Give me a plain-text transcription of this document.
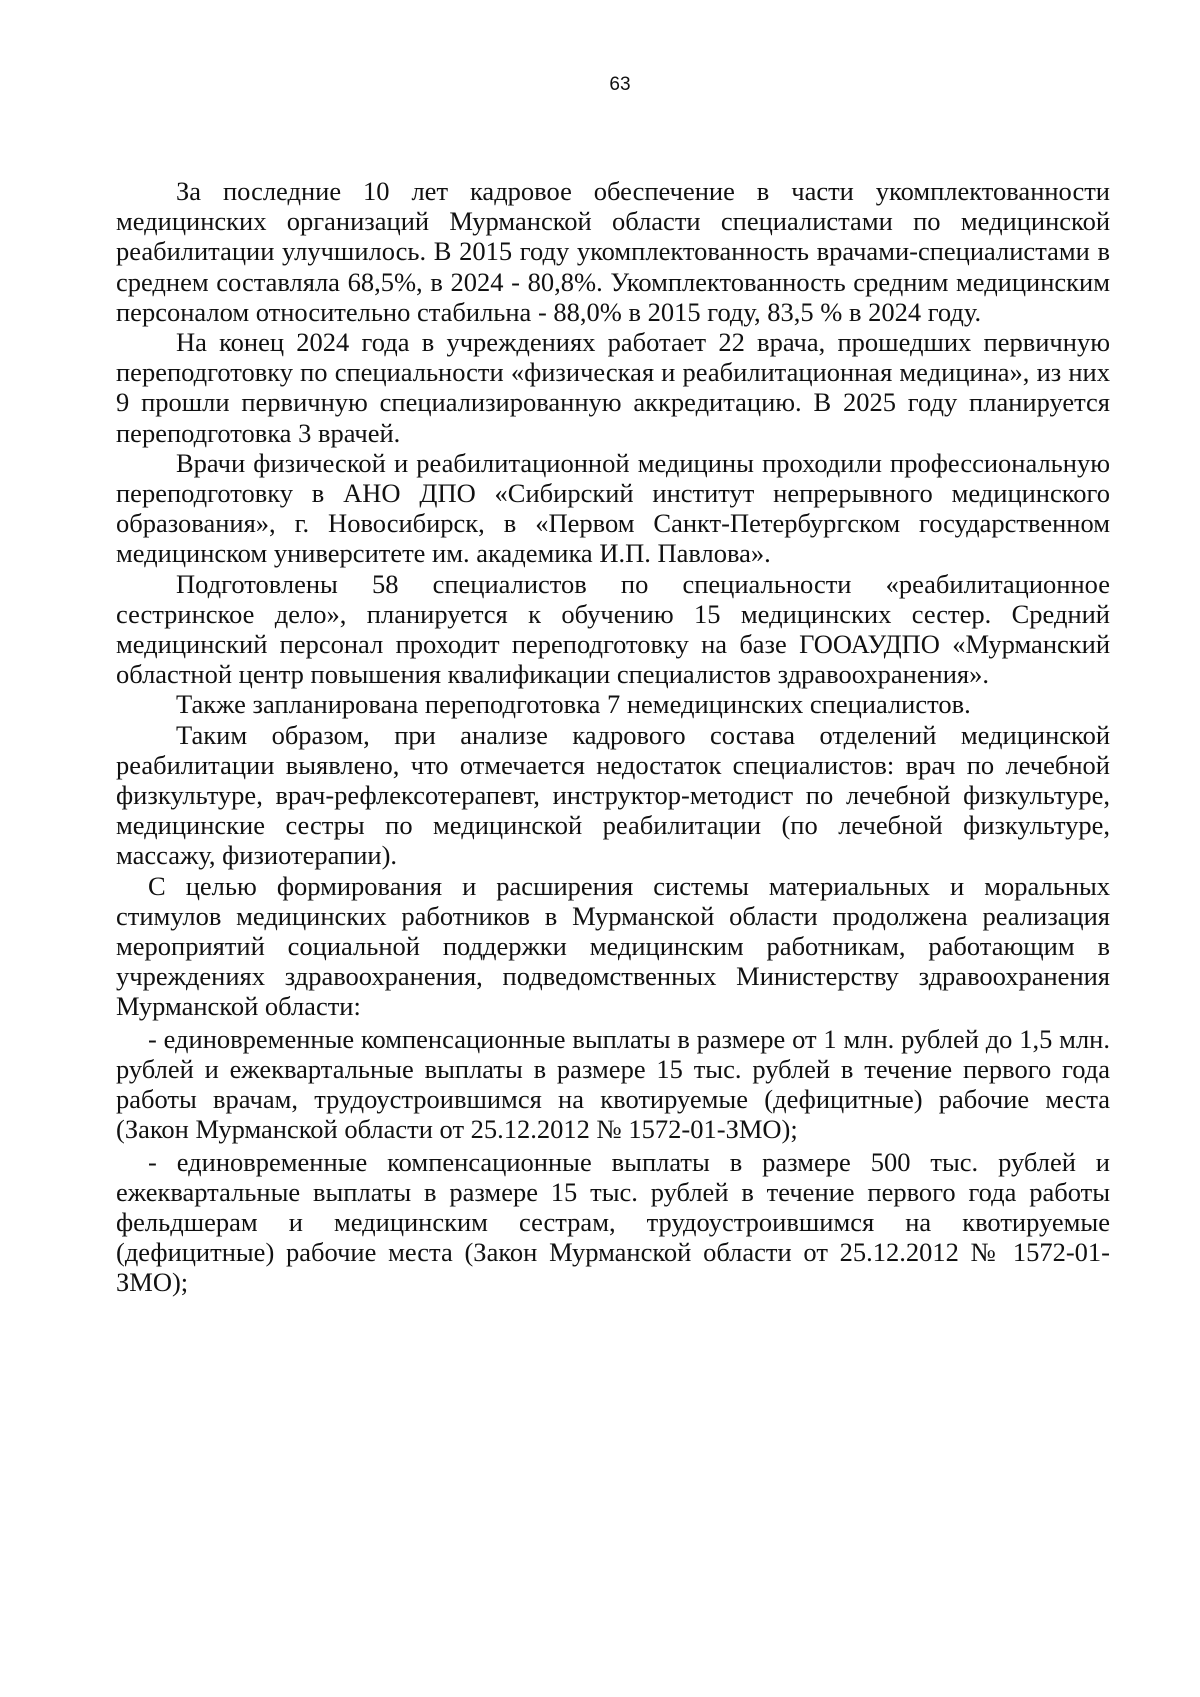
63

За последние 10 лет кадровое обеспечение в части укомплектованности медицинских организаций Мурманской области специалистами по медицинской реабилитации улучшилось. В 2015 году укомплектованность врачами-специалистами в среднем составляла 68,5%, в 2024 - 80,8%. Укомплектованность средним медицинским персоналом относительно стабильна - 88,0% в 2015 году, 83,5 % в 2024 году.

На конец 2024 года в учреждениях работает 22 врача, прошедших первичную переподготовку по специальности «физическая и реабилитационная медицина», из них 9 прошли первичную специализированную аккредитацию. В 2025 году планируется переподготовка 3 врачей.

Врачи физической и реабилитационной медицины проходили профессиональную переподготовку в АНО ДПО «Сибирский институт непрерывного медицинского образования», г. Новосибирск, в «Первом Санкт-Петербургском государственном медицинском университете им. академика И.П. Павлова».

Подготовлены 58 специалистов по специальности «реабилитационное сестринское дело», планируется к обучению 15 медицинских сестер. Средний медицинский персонал проходит переподготовку на базе ГООАУДПО «Мурманский областной центр повышения квалификации специалистов здравоохранения».

Также запланирована переподготовка 7 немедицинских специалистов.

Таким образом, при анализе кадрового состава отделений медицинской реабилитации выявлено, что отмечается недостаток специалистов: врач по лечебной физкультуре, врач-рефлексотерапевт, инструктор-методист по лечебной физкультуре, медицинские сестры по медицинской реабилитации (по лечебной физкультуре, массажу, физиотерапии).

С целью формирования и расширения системы материальных и моральных стимулов медицинских работников в Мурманской области продолжена реализация мероприятий социальной поддержки медицинским работникам, работающим в учреждениях здравоохранения, подведомственных Министерству здравоохранения Мурманской области:

- единовременные компенсационные выплаты в размере от 1 млн. рублей до 1,5 млн. рублей и ежеквартальные выплаты в размере 15 тыс. рублей в течение первого года работы врачам, трудоустроившимся на квотируемые (дефицитные) рабочие места (Закон Мурманской области от 25.12.2012 № 1572-01-ЗМО);

- единовременные компенсационные выплаты в размере 500 тыс. рублей и ежеквартальные выплаты в размере 15 тыс. рублей в течение первого года работы фельдшерам и медицинским сестрам, трудоустроившимся на квотируемые (дефицитные) рабочие места (Закон Мурманской области от 25.12.2012 № 1572-01-ЗМО);
